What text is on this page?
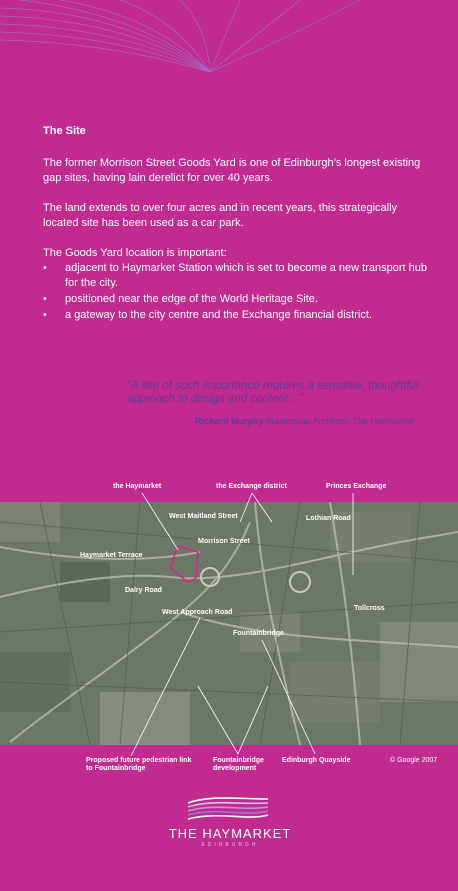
The Site

The former Morrison Street Goods Yard is one of Edinburgh’s longest existing gap sites, having lain derelict for over 40 years.

The land extends to over four acres and in recent years, this strategically located site has been used as a car park.

The Goods Yard location is important:

• adjacent to Haymarket Station which is set to become a new transport hub for the city.
• positioned near the edge of the World Heritage Site.
• a gateway to the city centre and the Exchange financial district.
“A site of such importance requires a sensitive, thoughtful approach to design and content…”
Richard Murphy Masterplan Architect, The Haymarket
West Maitland Street	Lothian Road
Morrison Street
Haymarket Terrace
Dalry Road
West Approach Road
Tollcross
Fountainbridge
the Haymarket	the Exchange district	Princes Exchange
Proposed future pedestrian link to Fountainbridge
Fountainbridge development
Edinburgh Quayside	© Google 2007
THE HAYMARKET
EDINBURGH
